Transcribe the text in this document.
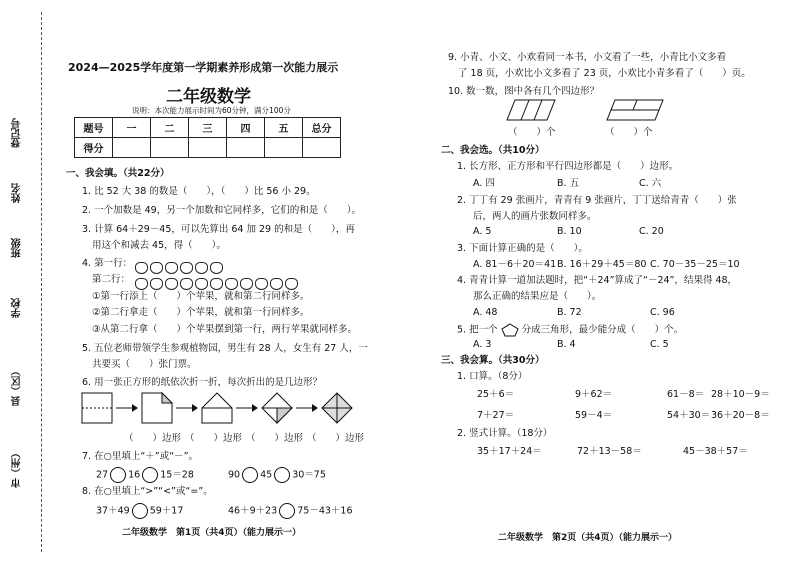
登记号
姓名
班级
学校
县（区）
市（州）
2024—2025学年度第一学期素养形成第一次能力展示
二年级数学
说明：本次能力展示时间为60分钟，满分100分
题号	一	二	三	四	五	总分
得分						
一、我会填。（共22分）
1. 比 52 大 38 的数是（　　），（　　）比 56 小 29。
2. 一个加数是 49，另一个加数和它同样多，它们的和是（　　）。
3. 计算 64＋29－45，可以先算出 64 加 29 的和是（　　），再
用这个和减去 45，得（　　）。
4. 第一行：
第二行：
①第一行添上（　　）个苹果，就和第二行同样多。
②第二行拿走（　　）个苹果，就和第一行同样多。
③从第二行拿（　　）个苹果摆到第一行，两行苹果就同样多。
5. 五位老师带领学生参观植物园，男生有 28 人，女生有 27 人，一
共要买（　　）张门票。
6. 用一张正方形的纸依次折一折，每次折出的是几边形？
（　　）边形 （　　）边形 （　　）边形 （　　）边形
7. 在○里填上“＋”或“－”。
27 16 15＝28	90 45 30＝75
8. 在○里填上“>”“<”或“=”。
37＋49 59＋17	46＋9＋23 75－43＋16
二年级数学　第1页（共4页）（能力展示一）
9. 小青、小文、小欢看同一本书，小文看了一些，小青比小文多看
了 18 页，小欢比小文多看了 23 页，小欢比小青多看了（　　）页。
10. 数一数，图中各有几个四边形？
（　　）个	（　　）个
二、我会选。（共10分）
1. 长方形、正方形和平行四边形都是（　　）边形。
A. 四	B. 五	C. 六
2. 丁丁有 29 张画片，青青有 9 张画片，丁丁送给青青（　　）张
后，两人的画片张数同样多。
A. 5	B. 10	C. 20
3. 下面计算正确的是（　　）。
A. 81－6＋20＝41 B. 16＋29＋45＝80 C. 70－35－25＝10
4. 青青计算一道加法题时，把“＋24”算成了“－24”，结果得 48，
那么正确的结果应是（　　）。
A. 48	B. 72	C. 96
5. 把一个	分成三角形，最少能分成（　　）个。
A. 3	B. 4	C. 5
三、我会算。（共30分）
1. 口算。（8分）
25＋6＝	9＋62＝	61－8＝ 28＋10－9＝
7＋27＝	59－4＝	54＋30＝ 36＋20－8＝
2. 竖式计算。（18分）
35＋17＋24＝	72＋13－58＝	45－38＋57＝
二年级数学　第2页（共4页）（能力展示一）
